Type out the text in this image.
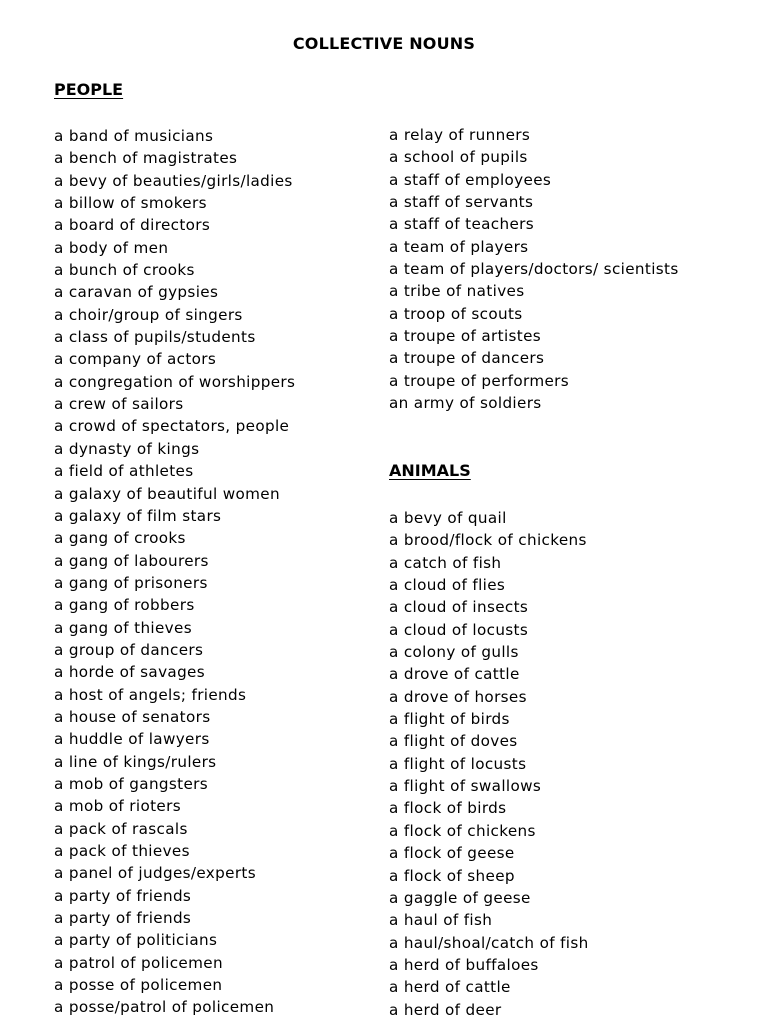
COLLECTIVE NOUNS
PEOPLE
a band of musicians
a bench of magistrates
a bevy of beauties/girls/ladies
a billow of smokers
a board of directors
a body of men
a bunch of crooks
a caravan of gypsies
a choir/group of singers
a class of pupils/students
a company of actors
a congregation of worshippers
a crew of sailors
a crowd of spectators, people
a dynasty of kings
a field of athletes
a galaxy of beautiful women
a galaxy of film stars
a gang of crooks
a gang of labourers
a gang of prisoners
a gang of robbers
a gang of thieves
a group of dancers
a horde of savages
a host of angels; friends
a house of senators
a huddle of lawyers
a line of kings/rulers
a mob of gangsters
a mob of rioters
a pack of rascals
a pack of thieves
a panel of judges/experts
a party of friends
a party of friends
a party of politicians
a patrol of policemen
a posse of policemen
a posse/patrol of policemen
a relay of runners
a school of pupils
a staff of employees
a staff of servants
a staff of teachers
a team of players
a team of players/doctors/ scientists
a tribe of natives
a troop of scouts
a troupe of artistes
a troupe of dancers
a troupe of performers
an army of soldiers
ANIMALS
a bevy of quail
a brood/flock of chickens
a catch of fish
a cloud of flies
a cloud of insects
a cloud of locusts
a colony of gulls
a drove of cattle
a drove of horses
a flight of birds
a flight of doves
a flight of locusts
a flight of swallows
a flock of birds
a flock of chickens
a flock of geese
a flock of sheep
a gaggle of geese
a haul of fish
a haul/shoal/catch of fish
a herd of buffaloes
a herd of cattle
a herd of deer
